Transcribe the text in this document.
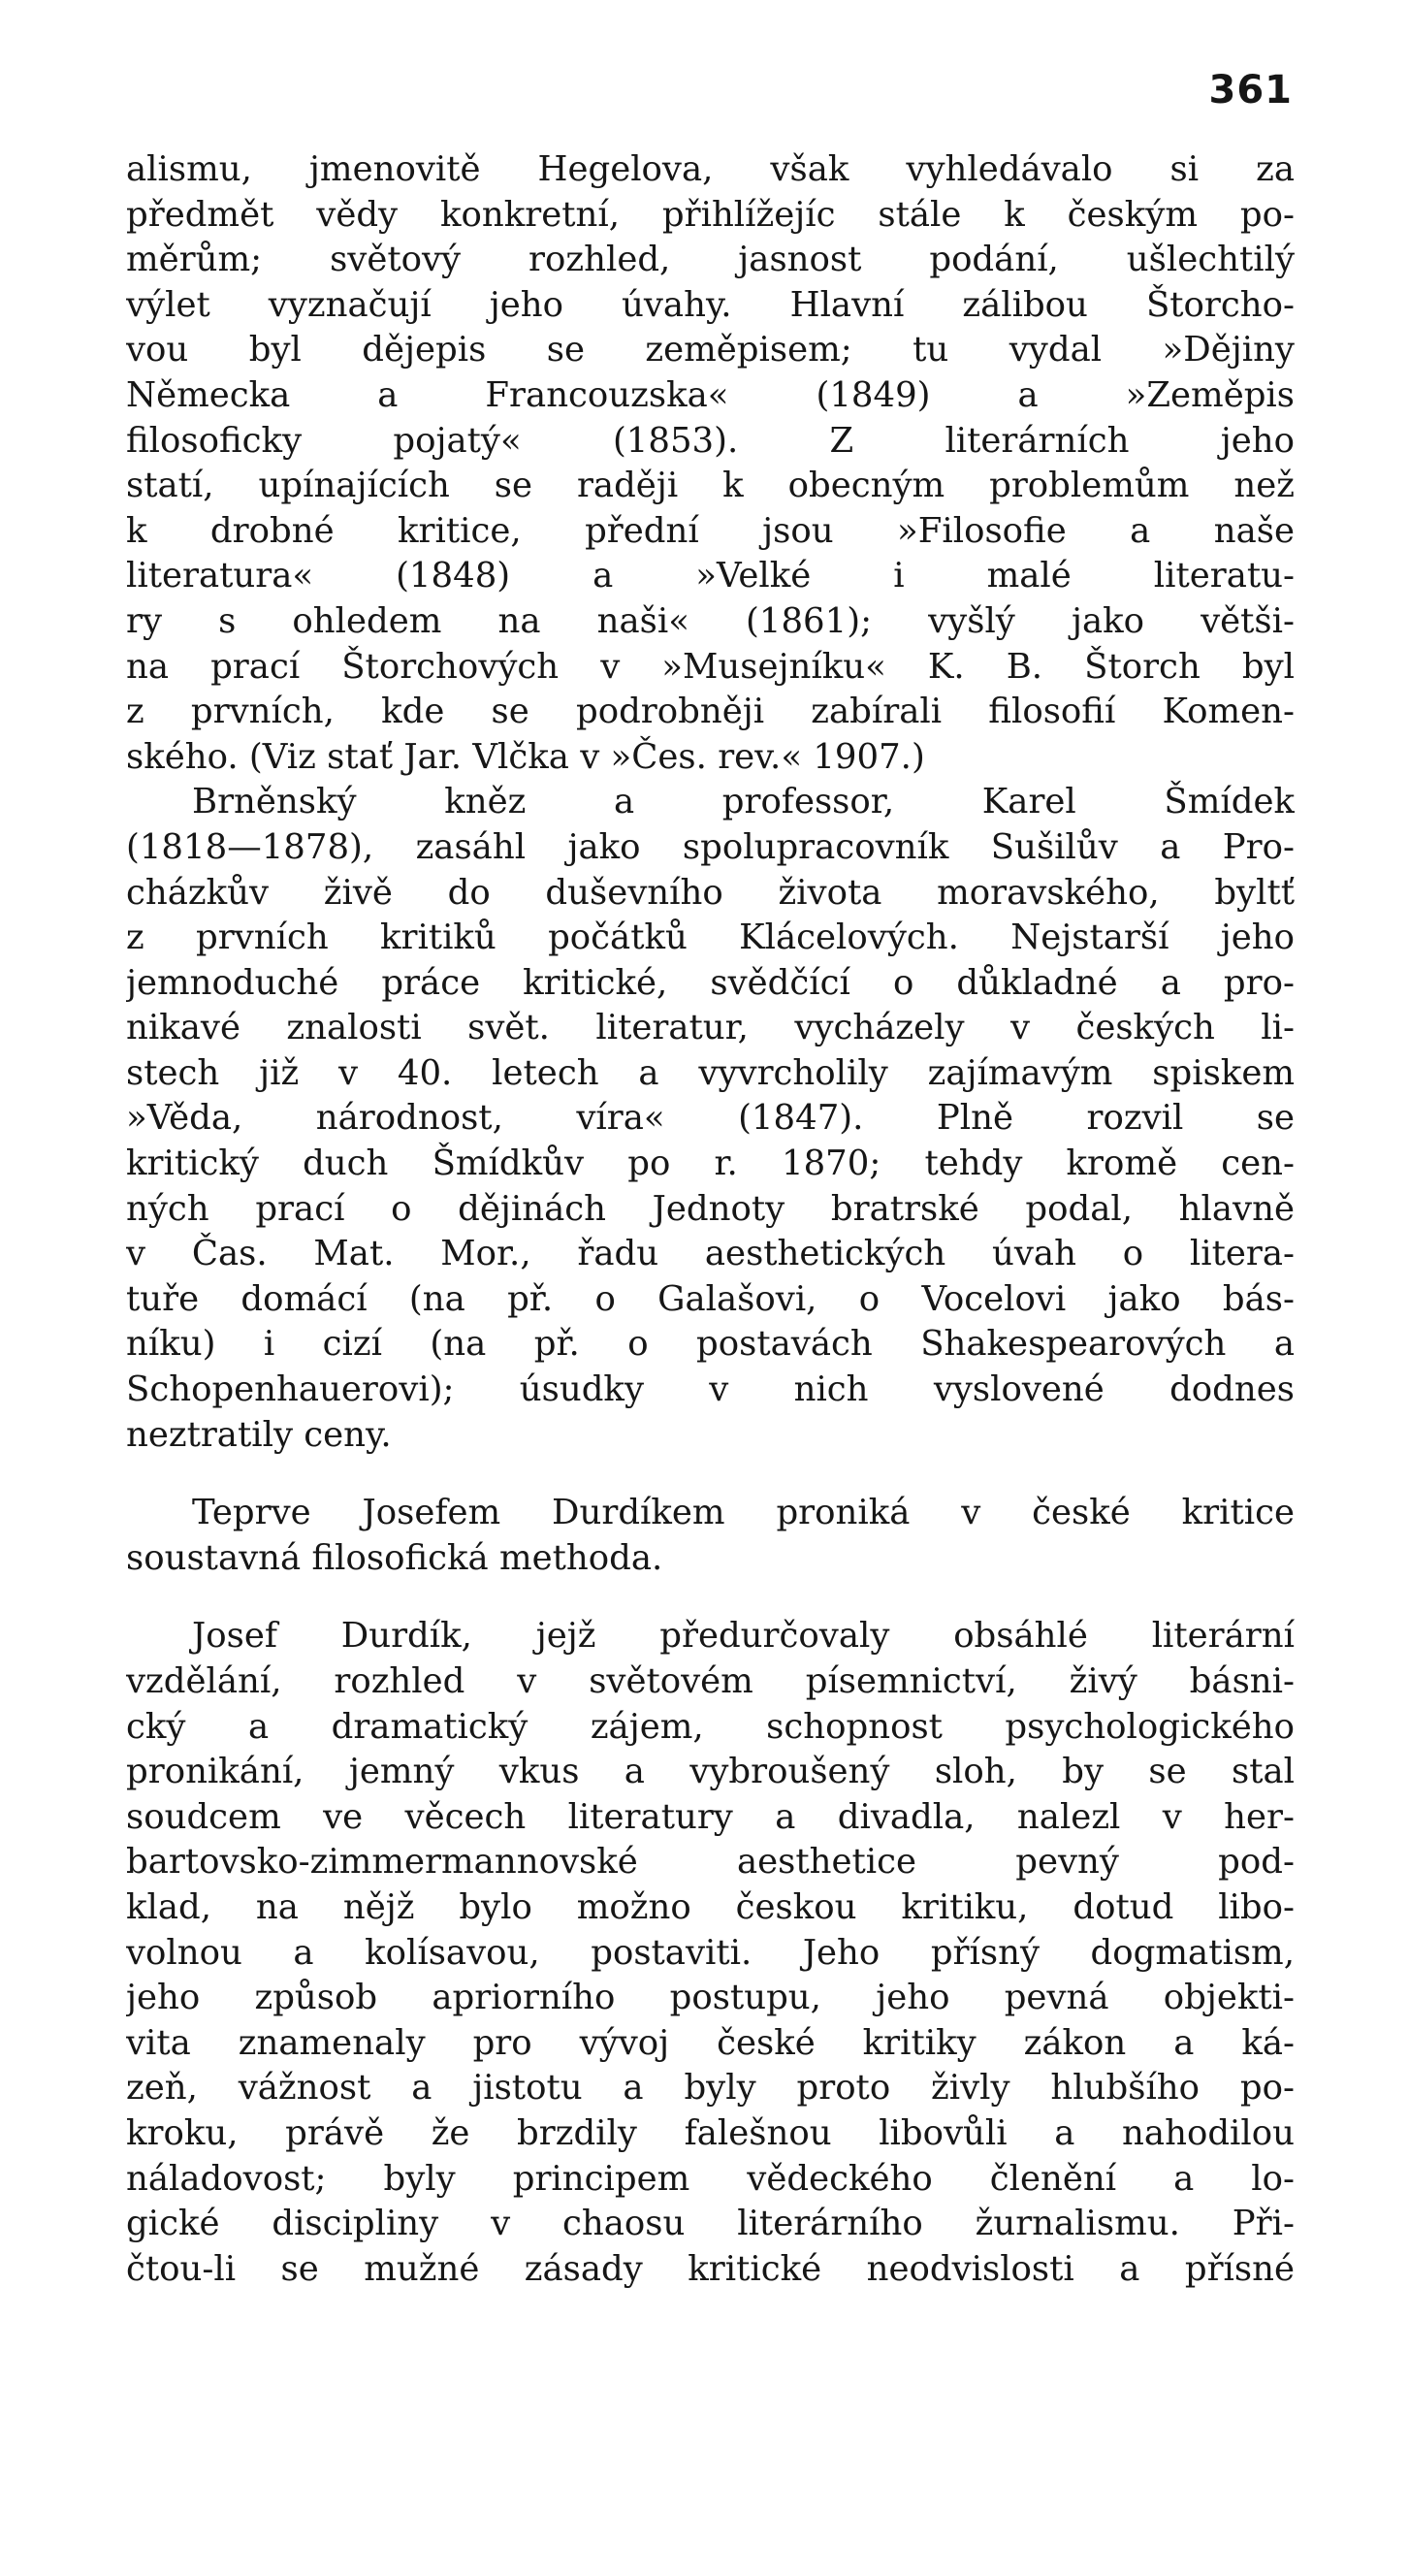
361
alismu, jmenovitě Hegelova, však vyhledávalo si za
předmět vědy konkretní, přihlížejíc stále k českým po-
měrům; světový rozhled, jasnost podání, ušlechtilý
výlet vyznačují jeho úvahy. Hlavní zálibou Štorcho-
vou byl dějepis se zeměpisem; tu vydal »Dějiny
Německa a Francouzska« (1849) a »Zeměpis
filosoficky pojatý« (1853). Z literárních jeho
statí, upínajících se raději k obecným problemům než
k drobné kritice, přední jsou »Filosofie a naše
literatura« (1848) a »Velké i malé literatu-
ry s ohledem na naši« (1861); vyšlý jako větši-
na prací Štorchových v »Musejníku« K. B. Štorch byl
z prvních, kde se podrobněji zabírali filosofií Komen-
ského. (Viz stať Jar. Vlčka v »Čes. rev.« 1907.)
Brněnský kněz a professor, Karel Šmídek
(1818—1878), zasáhl jako spolupracovník Sušilův a Pro-
cházkův živě do duševního života moravského, byltť
z prvních kritiků počátků Klácelových. Nejstarší jeho
jemnoduché práce kritické, svědčící o důkladné a pro-
nikavé znalosti svět. literatur, vycházely v českých li-
stech již v 40. letech a vyvrcholily zajímavým spiskem
»Věda, národnost, víra« (1847). Plně rozvil se
kritický duch Šmídkův po r. 1870; tehdy kromě cen-
ných prací o dějinách Jednoty bratrské podal, hlavně
v Čas. Mat. Mor., řadu aesthetických úvah o litera-
tuře domácí (na př. o Galašovi, o Vocelovi jako bás-
níku) i cizí (na př. o postavách Shakespearových a
Schopenhauerovi); úsudky v nich vyslovené dodnes
neztratily ceny.
Teprve Josefem Durdíkem proniká v české kritice
soustavná filosofická methoda.
Josef Durdík, jejž předurčovaly obsáhlé literární
vzdělání, rozhled v světovém písemnictví, živý básni-
cký a dramatický zájem, schopnost psychologického
pronikání, jemný vkus a vybroušený sloh, by se stal
soudcem ve věcech literatury a divadla, nalezl v her-
bartovsko-zimmermannovské aesthetice pevný pod-
klad, na nějž bylo možno českou kritiku, dotud libo-
volnou a kolísavou, postaviti. Jeho přísný dogmatism,
jeho způsob apriorního postupu, jeho pevná objekti-
vita znamenaly pro vývoj české kritiky zákon a ká-
zeň, vážnost a jistotu a byly proto živly hlubšího po-
kroku, právě že brzdily falešnou libovůli a nahodilou
náladovost; byly principem vědeckého členění a lo-
gické discipliny v chaosu literárního žurnalismu. Při-
čtou-li se mužné zásady kritické neodvislosti a přísné
